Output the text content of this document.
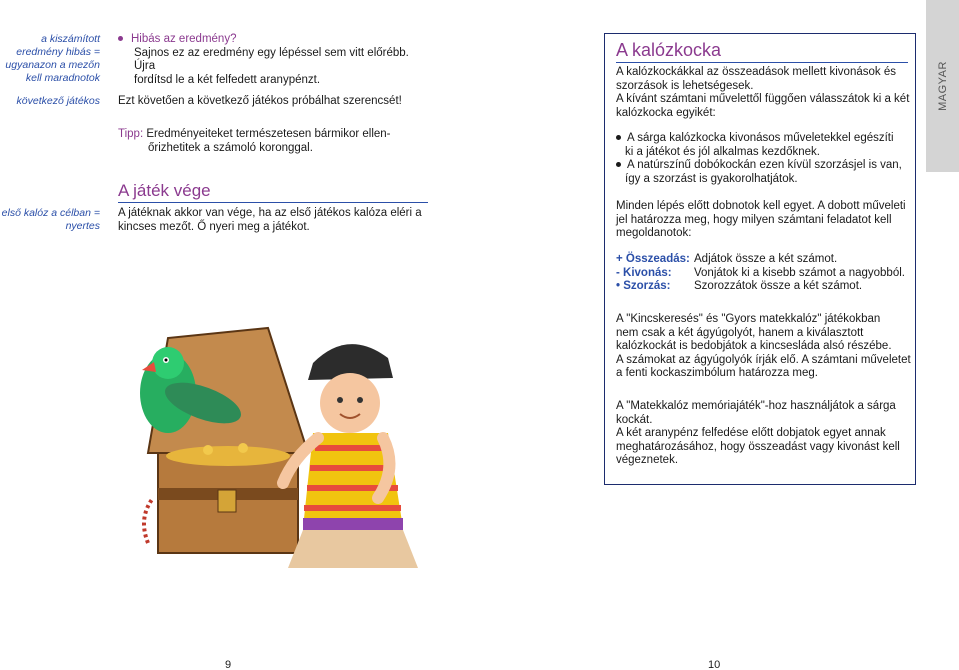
a kiszámított eredmény hibás = ugyanazon a mezőn kell maradnotok
következő játékos
első kalóz a célban = nyertes
Hibás az eredmény?
Sajnos ez az eredmény egy lépéssel sem vitt előrébb. Újra
fordítsd le a két felfedett aranypénzt.
Ezt követően a következő játékos próbálhat szerencsét!
Tipp: Eredményeiteket természetesen bármikor ellen-
őrizhetitek a számoló koronggal.
A játék vége
A játéknak akkor van vége, ha az első játékos kalóza eléri a
kincses mezőt. Ő nyeri meg a játékot.
A kalózkocka
A kalózkockákkal az összeadások mellett kivonások és
szorzások is lehetségesek.
A kívánt számtani művelettől függően válasszátok ki a két
kalózkocka egyikét:
A sárga kalózkocka kivonásos műveletekkel egészíti
ki a játékot és jól alkalmas kezdőknek.
A natúrszínű dobókockán ezen kívül szorzásjel is van,
így a szorzást is gyakorolhatjátok.
Minden lépés előtt dobnotok kell egyet. A dobott műveleti
jel határozza meg, hogy milyen számtani feladatot kell
megoldanotok:
+ Összeadás: Adjátok össze a két számot.
- Kivonás:	Vonjátok ki a kisebb számot a nagyobból.
• Szorzás:	Szorozzátok össze a két számot.
A "Kincskeresés" és "Gyors matekkalóz" játékokban
nem csak a két ágyúgolyót, hanem a kiválasztott
kalózkockát is bedobjátok a kincsesláda alsó részébe.
A számokat az ágyúgolyók írják elő. A számtani műveletet
a fenti kockaszimbólum határozza meg.
A "Matekkalóz memóriajáték"-hoz használjátok a sárga
kockát.
A két aranypénz felfedése előtt dobjatok egyet annak
meghatározásához, hogy összeadást vagy kivonást kell
végeznetek.
MAGYAR
9	10
